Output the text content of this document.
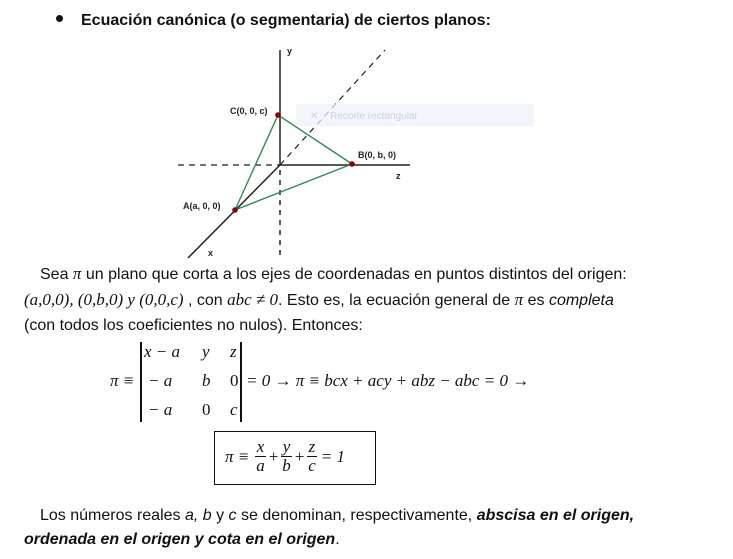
Ecuación canónica (o segmentaria) de ciertos planos:
✕ Recorte rectangular
y
z
x
C(0, 0, c)
B(0, b, 0)
A(a, 0, 0)
Sea π un plano que corta a los ejes de coordenadas en puntos distintos del origen:
(a,0,0), (0,b,0) y (0,0,c) , con abc ≠ 0. Esto es, la ecuación general de π es completa
(con todos los coeficientes no nulos). Entonces:
π ≡
x − a y z
− a b 0
− a 0 c
= 0 → π ≡ bcx + acy + abz − abc = 0 →
$\pi \equiv \frac{x}{a} + \frac{y}{b} + \frac{z}{c} = 1$
Los números reales a, b y c se denominan, respectivamente, abscisa en el origen,
ordenada en el origen y cota en el origen.
